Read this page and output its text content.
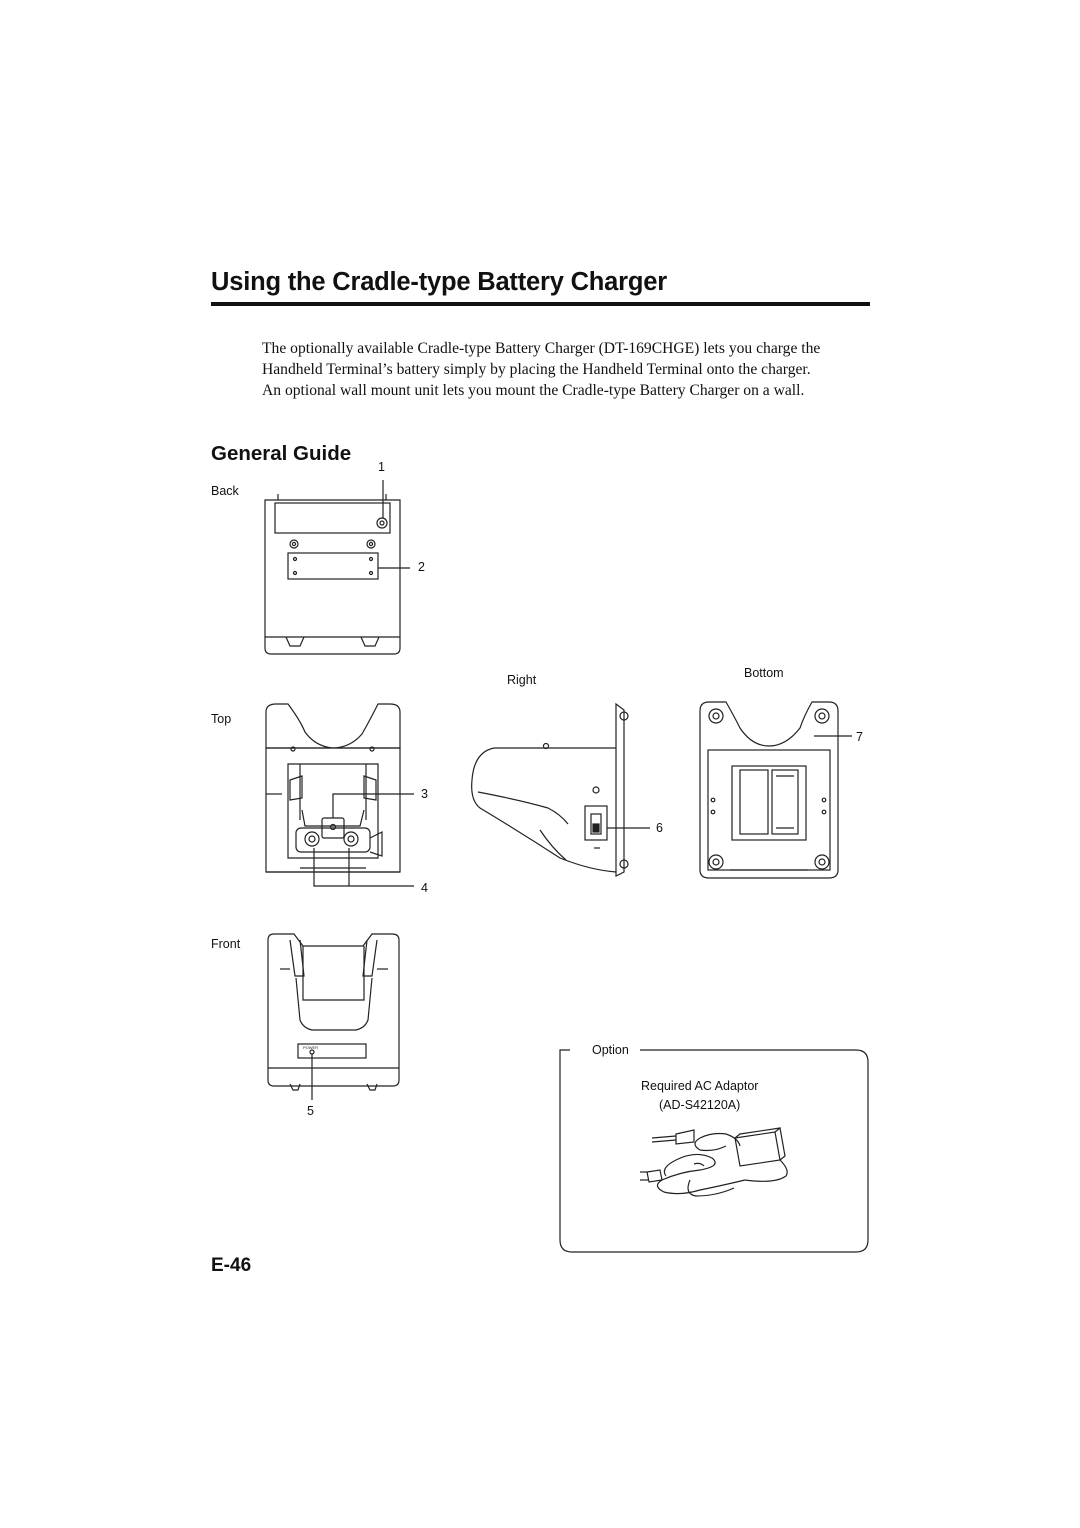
Using the Cradle-type Battery Charger

The optionally available Cradle-type Battery Charger (DT-169CHGE) lets you charge the Handheld Terminal’s battery simply by placing the Handheld Terminal onto the charger.

An optional wall mount unit lets you mount the Cradle-type Battery Charger on a wall.

General Guide
Back
Top
Front
Right	Bottom
1
2
3
4
5
6
7
Option
Required AC Adaptor
(AD-S42120A)
E-46
POWER
